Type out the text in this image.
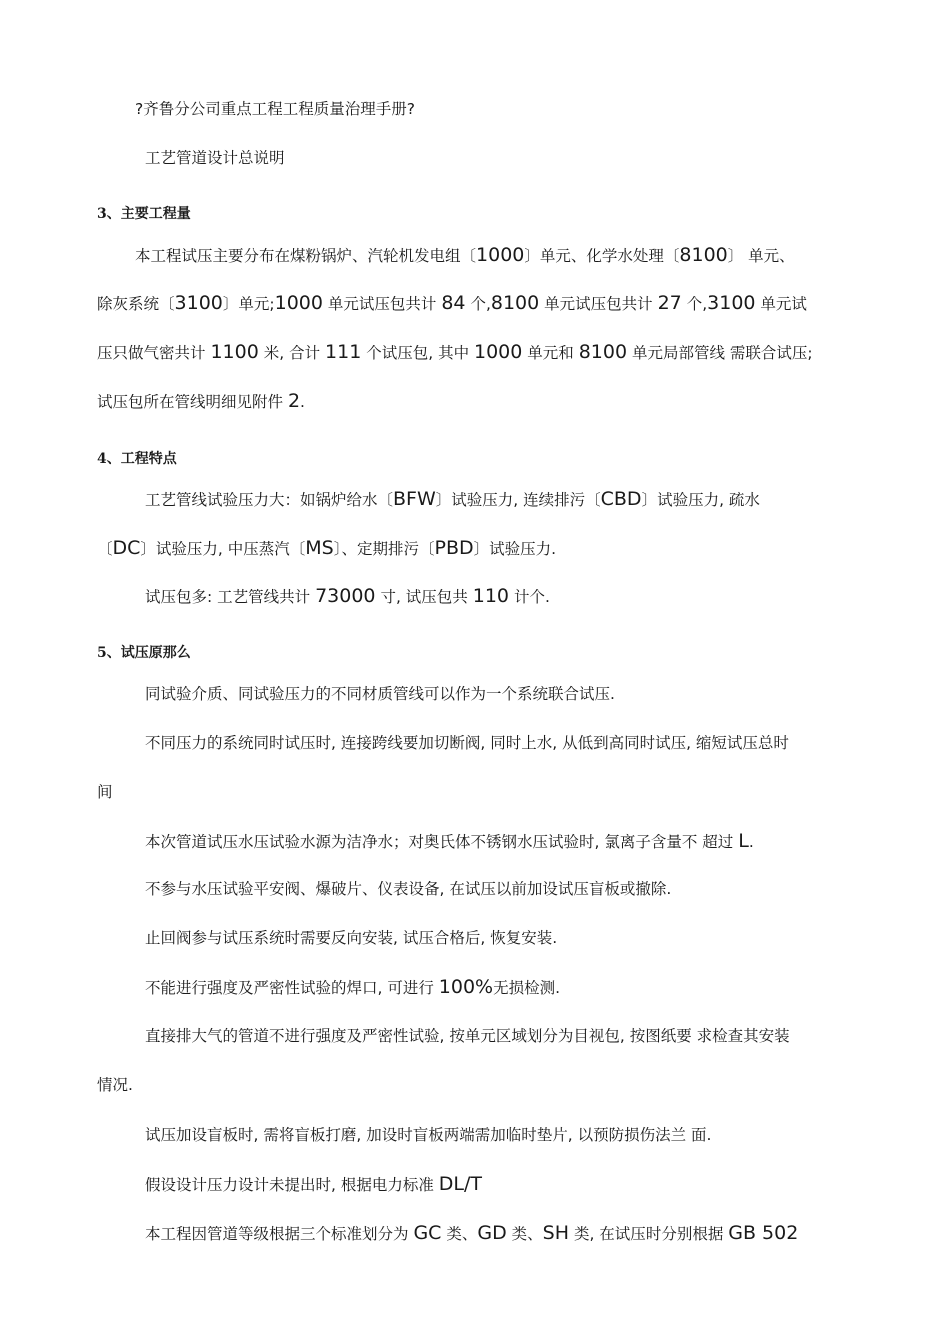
?齐鲁分公司重点工程工程质量治理手册?
工艺管道设计总说明
3、主要工程量
本工程试压主要分布在煤粉锅炉、汽轮机发电组〔1000〕单元、化学水处理〔8100〕 单元、
除灰系统〔3100〕单元;1000 单元试压包共计 84 个,8100 单元试压包共计 27 个,3100 单元试
压只做气密共计 1100 米, 合计 111 个试压包, 其中 1000 单元和 8100 单元局部管线 需联合试压;
试压包所在管线明细见附件 2.
4、工程特点
工艺管线试验压力大：如锅炉给水〔BFW〕试验压力, 连续排污〔CBD〕试验压力, 疏水
〔DC〕试验压力, 中压蒸汽〔MS〕、定期排污〔PBD〕试验压力.
试压包多: 工艺管线共计 73000 寸, 试压包共 110 计个.
5、试压原那么
同试验介质、同试验压力的不同材质管线可以作为一个系统联合试压.
不同压力的系统同时试压时, 连接跨线要加切断阀, 同时上水, 从低到高同时试压, 缩短试压总时
间
本次管道试压水压试验水源为洁净水；对奥氏体不锈钢水压试验时, 氯离子含量不 超过 L.
不参与水压试验平安阀、爆破片、仪表设备, 在试压以前加设试压盲板或撤除.
止回阀参与试压系统时需要反向安装, 试压合格后, 恢复安装.
不能进行强度及严密性试验的焊口, 可进行 100%无损检测.
直接排大气的管道不进行强度及严密性试验, 按单元区域划分为目视包, 按图纸要 求检查其安装
情况.
试压加设盲板时, 需将盲板打磨, 加设时盲板两端需加临时垫片, 以预防损伤法兰 面.
假设设计压力设计未提出时, 根据电力标准 DL/T
本工程因管道等级根据三个标准划分为 GC 类、GD 类、SH 类, 在试压时分别根据 GB 502
